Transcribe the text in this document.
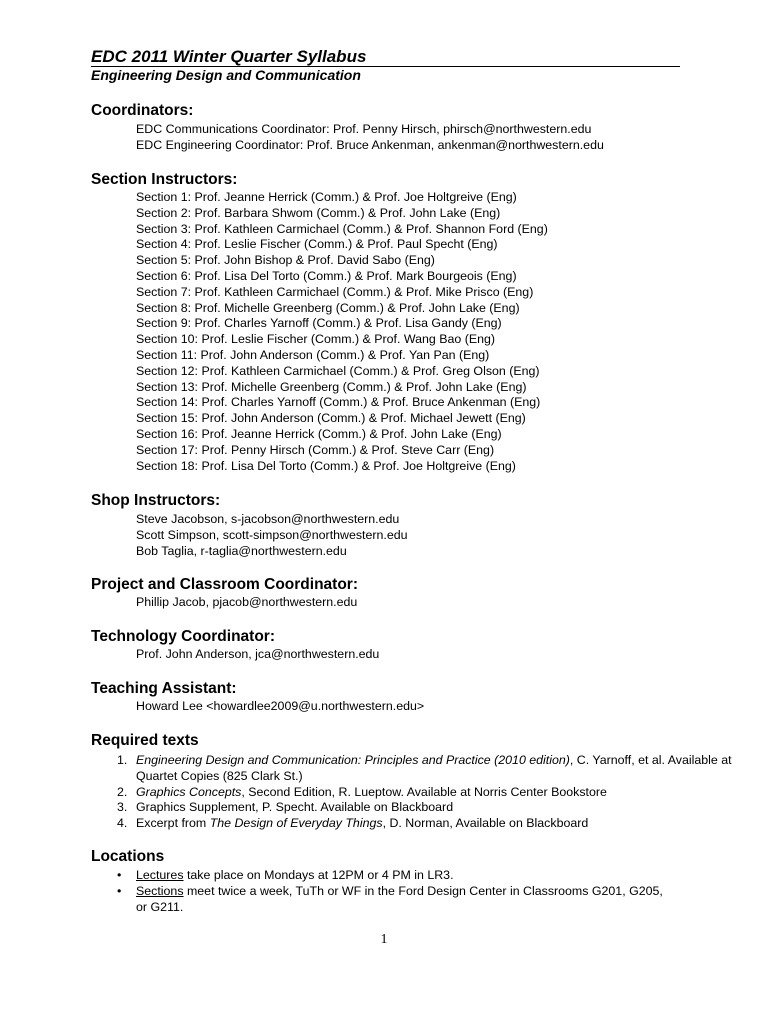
EDC 2011 Winter Quarter Syllabus
Engineering Design and Communication
Coordinators:
EDC Communications Coordinator: Prof. Penny Hirsch, phirsch@northwestern.edu
EDC Engineering Coordinator: Prof. Bruce Ankenman, ankenman@northwestern.edu
Section Instructors:
Section 1: Prof. Jeanne Herrick (Comm.) & Prof. Joe Holtgreive (Eng)
Section 2: Prof. Barbara Shwom (Comm.) & Prof. John Lake (Eng)
Section 3: Prof. Kathleen Carmichael (Comm.) & Prof. Shannon Ford (Eng)
Section 4: Prof. Leslie Fischer (Comm.) & Prof. Paul Specht (Eng)
Section 5: Prof. John Bishop & Prof. David Sabo (Eng)
Section 6: Prof. Lisa Del Torto (Comm.) & Prof. Mark Bourgeois (Eng)
Section 7: Prof. Kathleen Carmichael (Comm.) & Prof. Mike Prisco (Eng)
Section 8: Prof. Michelle Greenberg (Comm.) & Prof. John Lake (Eng)
Section 9: Prof. Charles Yarnoff (Comm.) & Prof. Lisa Gandy (Eng)
Section 10: Prof. Leslie Fischer (Comm.) & Prof. Wang Bao (Eng)
Section 11: Prof. John Anderson (Comm.) & Prof. Yan Pan (Eng)
Section 12: Prof. Kathleen Carmichael (Comm.) & Prof. Greg Olson (Eng)
Section 13: Prof. Michelle Greenberg (Comm.) & Prof. John Lake (Eng)
Section 14: Prof. Charles Yarnoff (Comm.) & Prof. Bruce Ankenman (Eng)
Section 15: Prof. John Anderson (Comm.) & Prof. Michael Jewett (Eng)
Section 16: Prof. Jeanne Herrick (Comm.) & Prof. John Lake (Eng)
Section 17: Prof. Penny Hirsch (Comm.) & Prof. Steve Carr (Eng)
Section 18: Prof. Lisa Del Torto (Comm.) & Prof. Joe Holtgreive (Eng)
Shop Instructors:
Steve Jacobson, s-jacobson@northwestern.edu
Scott Simpson, scott-simpson@northwestern.edu
Bob Taglia, r-taglia@northwestern.edu
Project and Classroom Coordinator:
Phillip Jacob, pjacob@northwestern.edu
Technology Coordinator:
Prof. John Anderson, jca@northwestern.edu
Teaching Assistant:
Howard Lee <howardlee2009@u.northwestern.edu>
Required texts
1. Engineering Design and Communication: Principles and Practice (2010 edition), C. Yarnoff, et al. Available at Quartet Copies (825 Clark St.)
2. Graphics Concepts, Second Edition, R. Lueptow. Available at Norris Center Bookstore
3. Graphics Supplement, P. Specht. Available on Blackboard
4. Excerpt from The Design of Everyday Things, D. Norman, Available on Blackboard
Locations
• Lectures take place on Mondays at 12PM or 4 PM in LR3.
• Sections meet twice a week, TuTh or WF in the Ford Design Center in Classrooms G201, G205, or G211.
1
